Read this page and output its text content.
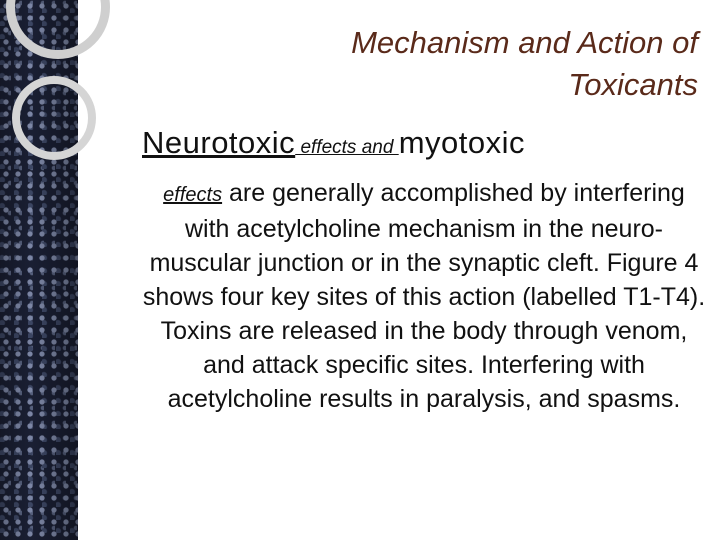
Mechanism and Action of
Toxicants
Neurotoxic effects and myotoxic
effects are generally accomplished by interfering with acetylcholine mechanism in the neuro-muscular junction or in the synaptic cleft. Figure 4 shows four key sites of this action (labelled T1-T4). Toxins are released in the body through venom, and attack specific sites. Interfering with acetylcholine results in paralysis, and spasms.
